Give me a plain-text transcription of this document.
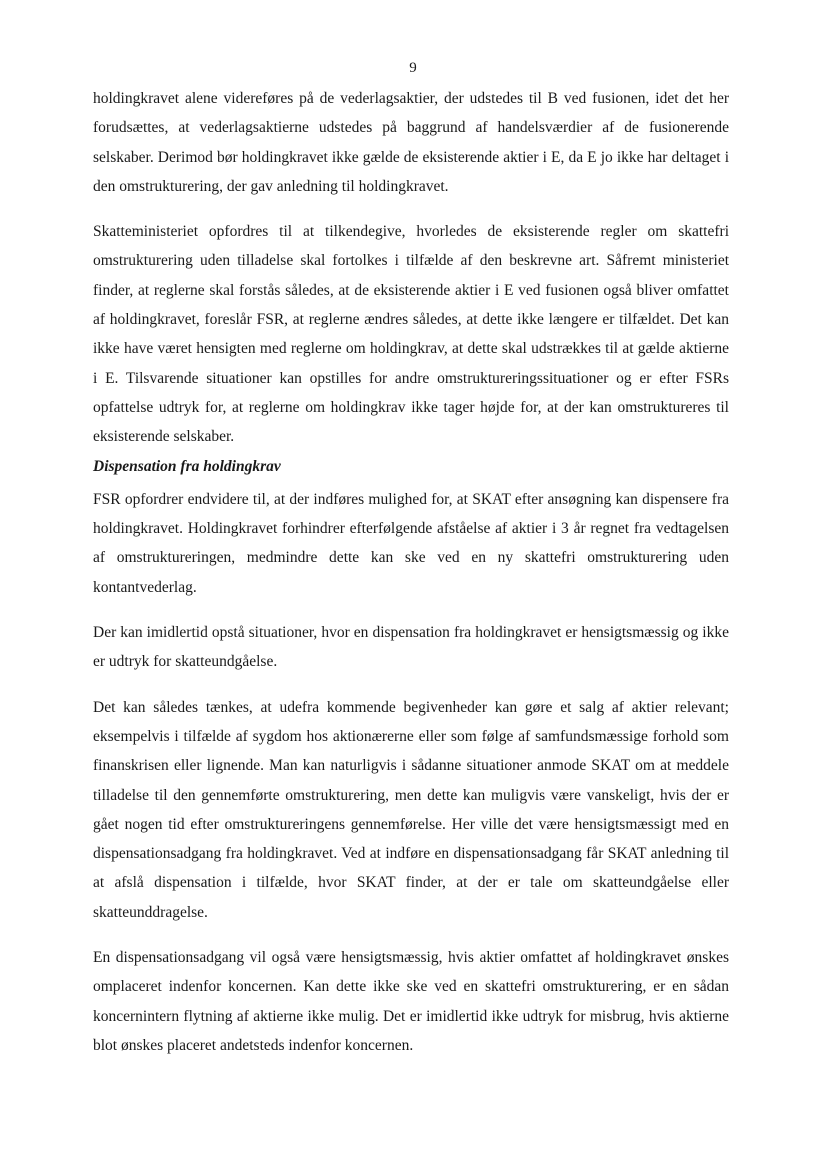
9

holdingkravet alene videreføres på de vederlagsaktier, der udstedes til B ved fusionen, idet det her forudsættes, at vederlagsaktierne udstedes på baggrund af handelsværdier af de fusionerende selskaber. Derimod bør holdingkravet ikke gælde de eksisterende aktier i E, da E jo ikke har deltaget i den omstrukturering, der gav anledning til holdingkravet.

Skatteministeriet opfordres til at tilkendegive, hvorledes de eksisterende regler om skattefri omstrukturering uden tilladelse skal fortolkes i tilfælde af den beskrevne art. Såfremt ministeriet finder, at reglerne skal forstås således, at de eksisterende aktier i E ved fusionen også bliver omfattet af holdingkravet, foreslår FSR, at reglerne ændres således, at dette ikke længere er tilfældet. Det kan ikke have været hensigten med reglerne om holdingkrav, at dette skal udstrækkes til at gælde aktierne i E. Tilsvarende situationer kan opstilles for andre omstruktureringssituationer og er efter FSRs opfattelse udtryk for, at reglerne om holdingkrav ikke tager højde for, at der kan omstruktureres til eksisterende selskaber.

Dispensation fra holdingkrav

FSR opfordrer endvidere til, at der indføres mulighed for, at SKAT efter ansøgning kan dispensere fra holdingkravet. Holdingkravet forhindrer efterfølgende afståelse af aktier i 3 år regnet fra vedtagelsen af omstruktureringen, medmindre dette kan ske ved en ny skattefri omstrukturering uden kontantvederlag.

Der kan imidlertid opstå situationer, hvor en dispensation fra holdingkravet er hensigtsmæssig og ikke er udtryk for skatteundgåelse.

Det kan således tænkes, at udefra kommende begivenheder kan gøre et salg af aktier relevant; eksempelvis i tilfælde af sygdom hos aktionærerne eller som følge af samfundsmæssige forhold som finanskrisen eller lignende. Man kan naturligvis i sådanne situationer anmode SKAT om at meddele tilladelse til den gennemførte omstrukturering, men dette kan muligvis være vanskeligt, hvis der er gået nogen tid efter omstruktureringens gennemførelse. Her ville det være hensigtsmæssigt med en dispensationsadgang fra holdingkravet. Ved at indføre en dispensationsadgang får SKAT anledning til at afslå dispensation i tilfælde, hvor SKAT finder, at der er tale om skatteundgåelse eller skatteunddragelse.

En dispensationsadgang vil også være hensigtsmæssig, hvis aktier omfattet af holdingkravet ønskes omplaceret indenfor koncernen. Kan dette ikke ske ved en skattefri omstrukturering, er en sådan koncernintern flytning af aktierne ikke mulig. Det er imidlertid ikke udtryk for misbrug, hvis aktierne blot ønskes placeret andetsteds indenfor koncernen.
